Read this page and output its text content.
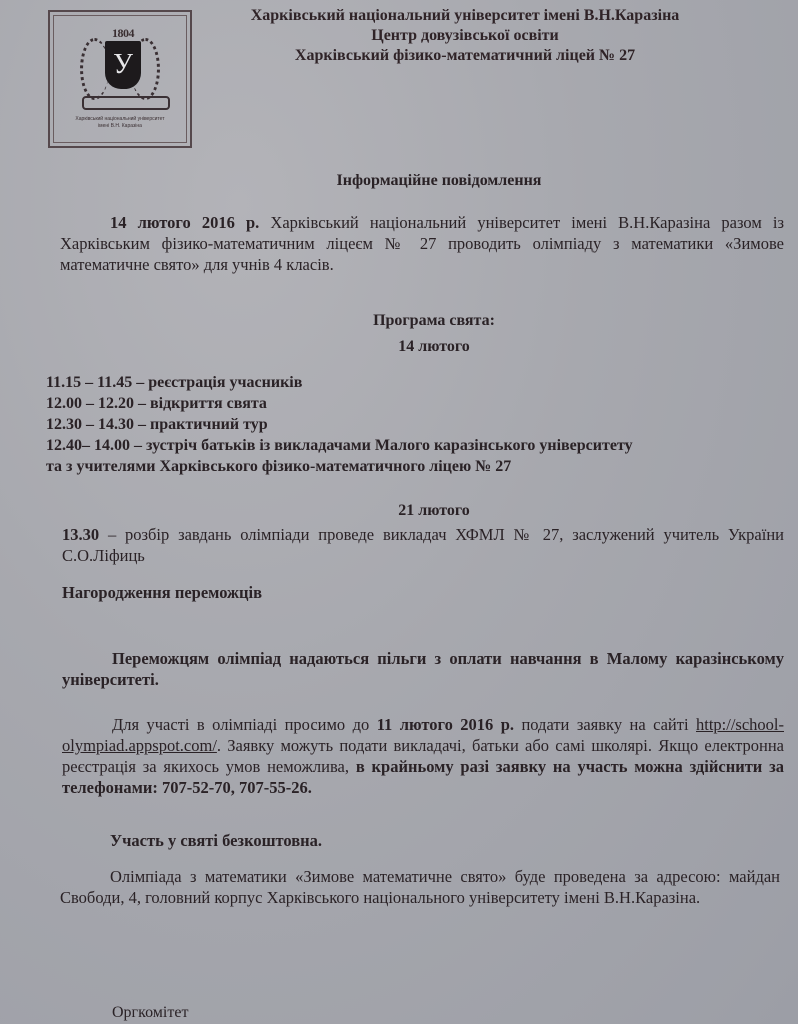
1804
У
Харківський національний університет
імені В.Н. Каразіна
Харківський національний університет імені В.Н.Каразіна
Центр довузівської освіти
Харківський фізико-математичний ліцей № 27
Інформаційне повідомлення
14 лютого 2016 р. Харківський національний університет імені В.Н.Каразіна разом із Харківським фізико-математичним ліцеєм № 27 проводить олімпіаду з математики «Зимове математичне свято» для учнів 4 класів.
Програма свята:
14 лютого
11.15 – 11.45 – реєстрація учасників
12.00 – 12.20 – відкриття свята
12.30 – 14.30 – практичний тур
12.40– 14.00 – зустріч батьків із викладачами Малого каразінського університету
та з учителями Харківського фізико-математичного ліцею № 27
21 лютого
13.30 – розбір завдань олімпіади проведе викладач ХФМЛ № 27, заслужений учитель України С.О.Ліфиць
Нагородження переможців
Переможцям олімпіад надаються пільги з оплати навчання в Малому каразінському університеті.
Для участі в олімпіаді просимо до 11 лютого 2016 р. подати заявку на сайті http://school-olympiad.appspot.com/. Заявку можуть подати викладачі, батьки або самі школярі. Якщо електронна реєстрація за якихось умов неможлива, в крайньому разі заявку на участь можна здійснити за телефонами: 707-52-70, 707-55-26.
Участь у святі безкоштовна.
Олімпіада з математики «Зимове математичне свято» буде проведена за адресою: майдан Свободи, 4, головний корпус Харківського національного університету імені В.Н.Каразіна.
Оргкомітет
